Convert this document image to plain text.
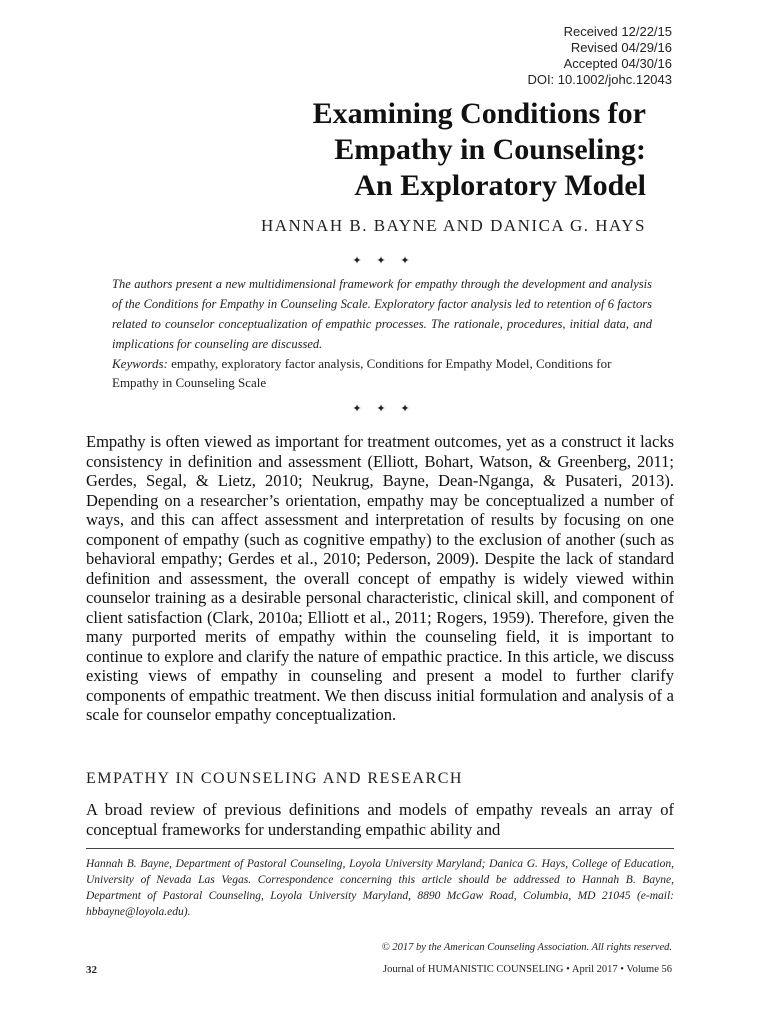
Received 12/22/15
Revised 04/29/16
Accepted 04/30/16
DOI: 10.1002/johc.12043
Examining Conditions for
Empathy in Counseling:
An Exploratory Model
HANNAH B. BAYNE AND DANICA G. HAYS
✦ ✦ ✦
The authors present a new multidimensional framework for empathy through the development and analysis of the Conditions for Empathy in Counseling Scale. Exploratory factor analysis led to retention of 6 factors related to counselor conceptualization of empathic processes. The rationale, procedures, initial data, and implications for counseling are discussed.
Keywords: empathy, exploratory factor analysis, Conditions for Empathy Model, Conditions for Empathy in Counseling Scale
✦ ✦ ✦
Empathy is often viewed as important for treatment outcomes, yet as a construct it lacks consistency in definition and assessment (Elliott, Bohart, Watson, & Greenberg, 2011; Gerdes, Segal, & Lietz, 2010; Neukrug, Bayne, Dean-Nganga, & Pusateri, 2013). Depending on a researcher’s orientation, empathy may be conceptualized a number of ways, and this can affect assessment and interpretation of results by focusing on one component of empathy (such as cognitive empathy) to the exclusion of another (such as behavioral empathy; Gerdes et al., 2010; Pederson, 2009). Despite the lack of standard definition and assessment, the overall concept of empathy is widely viewed within counselor training as a desirable personal characteristic, clinical skill, and component of client satisfaction (Clark, 2010a; Elliott et al., 2011; Rogers, 1959). Therefore, given the many purported merits of empathy within the counseling field, it is important to continue to explore and clarify the nature of empathic practice. In this article, we discuss existing views of empathy in counseling and present a model to further clarify components of empathic treatment. We then discuss initial formulation and analysis of a scale for counselor empathy conceptualization.
EMPATHY IN COUNSELING AND RESEARCH
A broad review of previous definitions and models of empathy reveals an array of conceptual frameworks for understanding empathic ability and
Hannah B. Bayne, Department of Pastoral Counseling, Loyola University Maryland; Danica G. Hays, College of Education, University of Nevada Las Vegas. Correspondence concerning this article should be addressed to Hannah B. Bayne, Department of Pastoral Counseling, Loyola University Maryland, 8890 McGaw Road, Columbia, MD 21045 (e-mail: hbbayne@loyola.edu).
© 2017 by the American Counseling Association. All rights reserved.
32	Journal of HUMANISTIC COUNSELING • April 2017 • Volume 56
